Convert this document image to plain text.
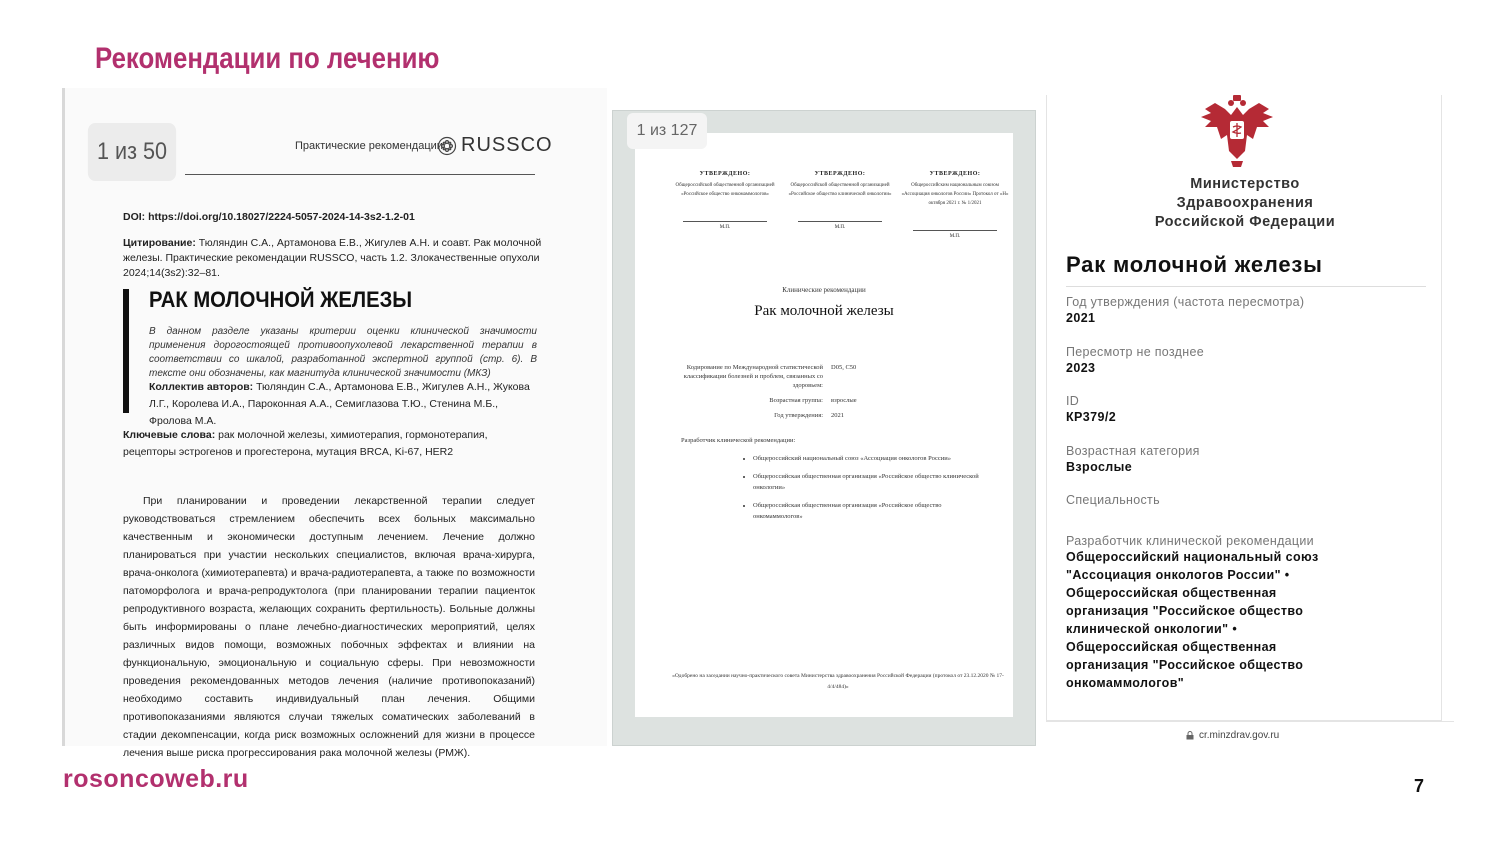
Рекомендации по лечению
1 из 50	Практические рекомендации RUSSCO
DOI: https://doi.org/10.18027/2224-5057-2024-14-3s2-1.2-01
Цитирование: Тюляндин С.А., Артамонова Е.В., Жигулев А.Н. и соавт. Рак молочной железы. Практические рекомендации RUSSCO, часть 1.2. Злокачественные опухоли 2024;14(3s2):32–81.
РАК МОЛОЧНОЙ ЖЕЛЕЗЫ
В данном разделе указаны критерии оценки клинической значимости применения дорогостоящей противоопухолевой лекарственной терапии в соответствии со шкалой, разработанной экспертной группой (стр. 6). В тексте они обозначены, как магнитуда клинической значимости (МКЗ)
Коллектив авторов: Тюляндин С.А., Артамонова Е.В., Жигулев А.Н., Жукова Л.Г., Королева И.А., Пароконная А.А., Семиглазова Т.Ю., Стенина М.Б., Фролова М.А.
Ключевые слова: рак молочной железы, химиотерапия, гормонотерапия, рецепторы эстрогенов и прогестерона, мутация BRCA, Ki-67, HER2
При планировании и проведении лекарственной терапии следует руководствоваться стремлением обеспечить всех больных максимально качественным и экономически доступным лечением. Лечение должно планироваться при участии нескольких специалистов, включая врача-хирурга, врача-онколога (химиотерапевта) и врача-радиотерапевта, а также по возможности патоморфолога и врача-репродуктолога (при планировании терапии пациенток репродуктивного возраста, желающих сохранить фертильность). Больные должны быть информированы о плане лечебно-диагностических мероприятий, целях различных видов помощи, возможных побочных эффектах и влиянии на функциональную, эмоциональную и социальную сферы. При невозможности проведения рекомендованных методов лечения (наличие противопоказаний) необходимо составить индивидуальный план лечения. Общими противопоказаниями являются случаи тяжелых соматических заболеваний в стадии декомпенсации, когда риск возможных осложнений для жизни в процессе лечения выше риска прогрессирования рака молочной железы (РМЖ).
1 из 127
УТВЕРЖДЕНО:
Общероссийской общественной организацией «Российское общество онкомаммологов»
М.П.
УТВЕРЖДЕНО:
Общероссийской общественной организацией «Российское общество клинической онкологии»
М.П.
УТВЕРЖДЕНО:
Общероссийским национальным союзом «Ассоциация онкологов России» Протокол от «Н» октября 2021 г. № 1/2021
М.П.
Клинические рекомендации
Рак молочной железы
Кодирование по Международной статистической классификации болезней и проблем, связанных со здоровьем:
D05, C50
Возрастная группа:	взрослые
Год утверждения:	2021
Разработчик клинической рекомендации:
• Общероссийский национальный союз «Ассоциация онкологов России»
• Общероссийская общественная организация «Российское общество клинической онкологии»
• Общероссийская общественная организация «Российское общество онкомаммологов»
«Одобрено на заседании научно-практического совета Министерства здравоохранения Российской Федерации (протокол от 23.12.2020 № 17-4/4/484)»
Министерство
Здравоохранения
Российской Федерации
Рак молочной железы
Год утверждения (частота пересмотра)
2021
Пересмотр не позднее
2023
ID
КР379/2
Возрастная категория
Взрослые
Специальность
Разработчик клинической рекомендации
Общероссийский национальный союз
"Ассоциация онкологов России" •
Общероссийская общественная
организация "Российское общество
клинической онкологии" •
Общероссийская общественная
организация "Российское общество
онкомаммологов"
cr.minzdrav.gov.ru
rosoncoweb.ru	7
